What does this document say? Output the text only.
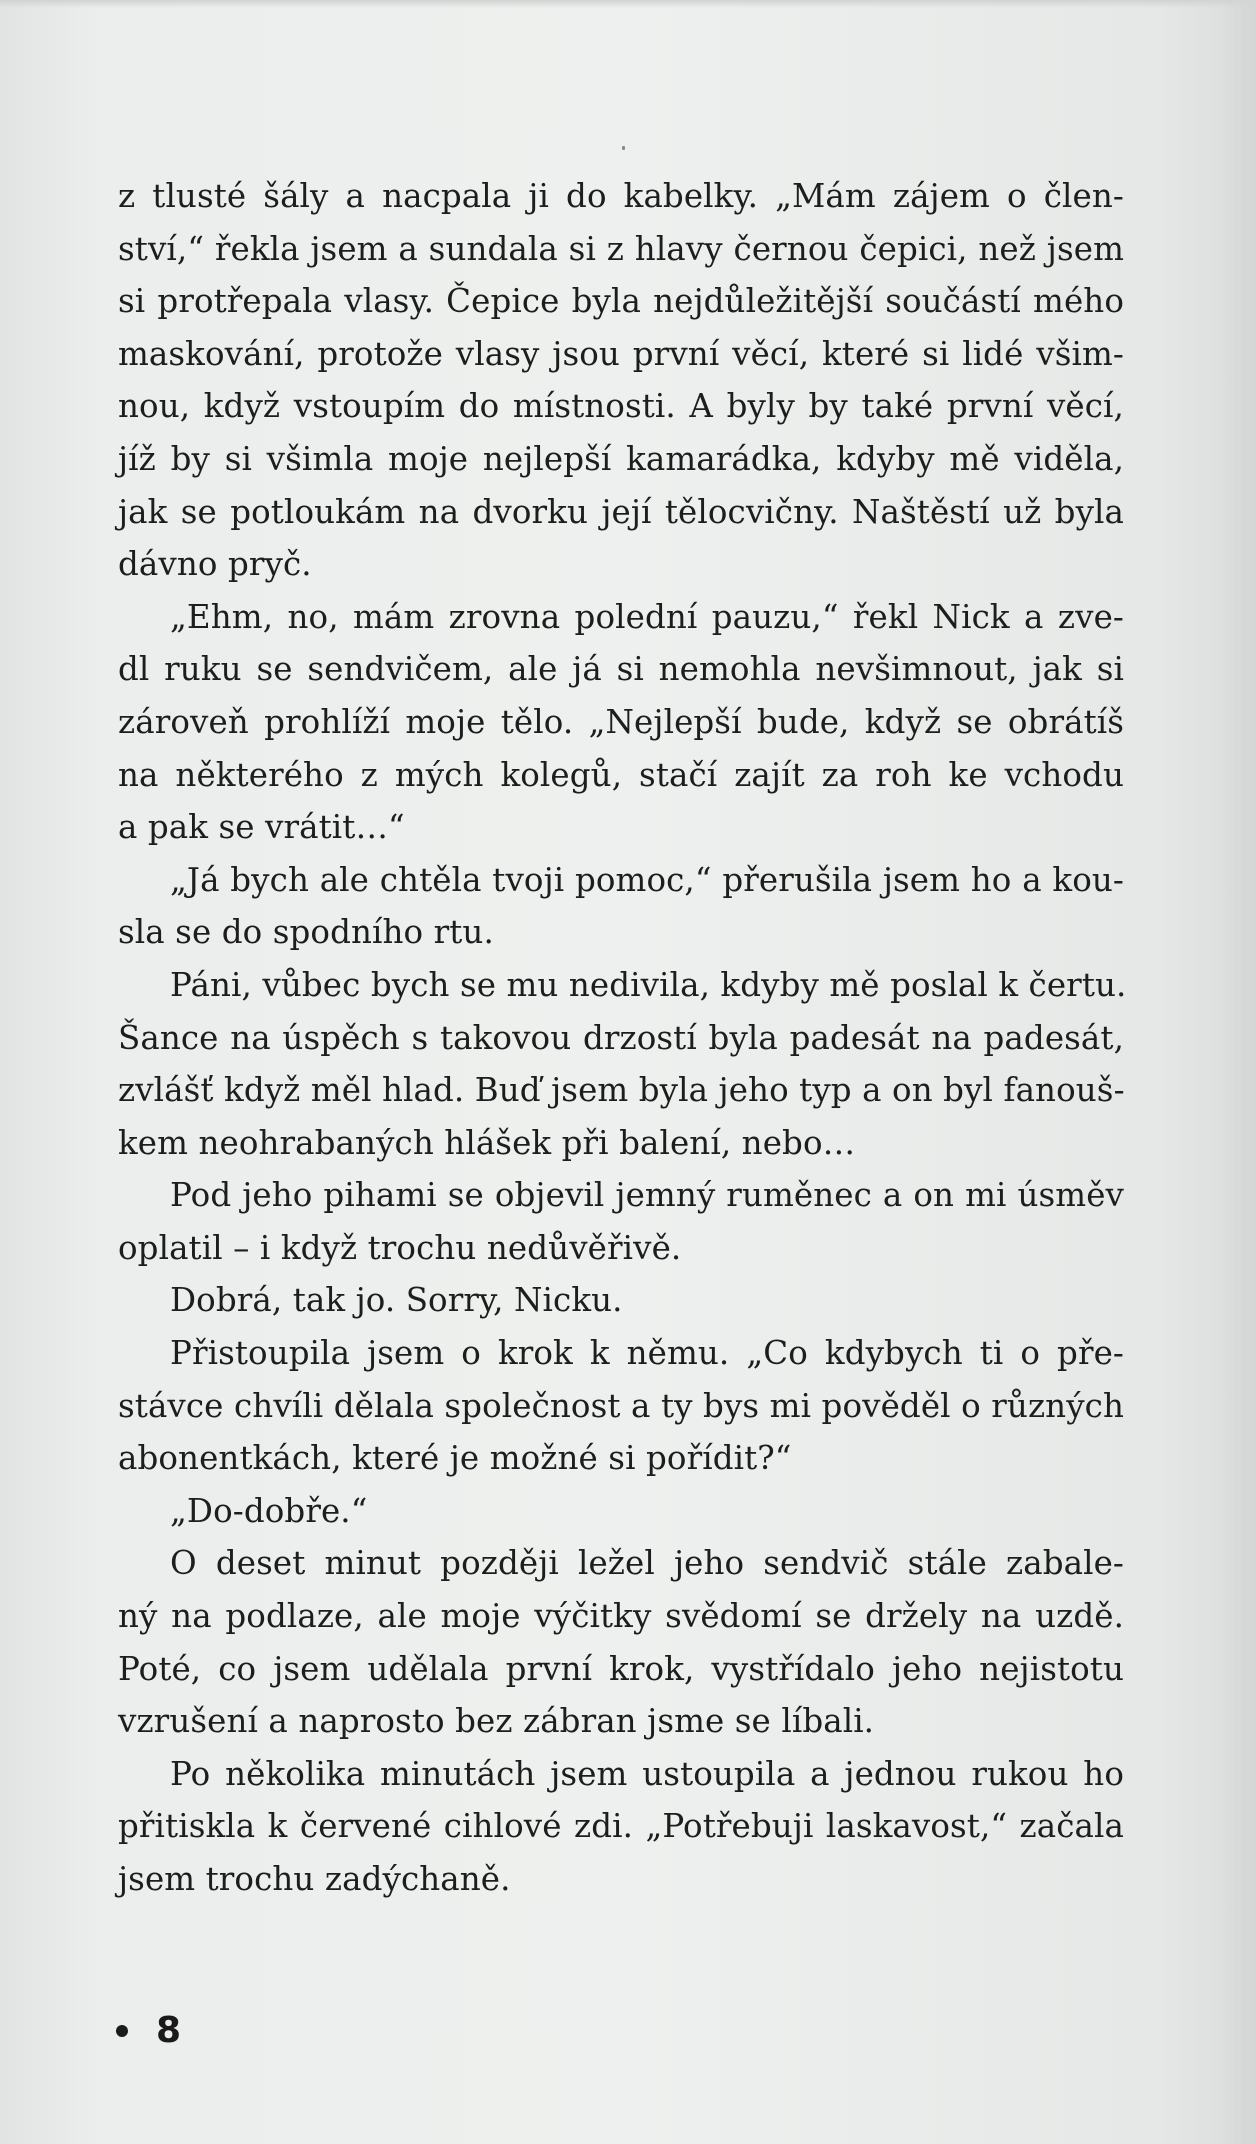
z tlusté šály a nacpala ji do kabelky. „Mám zájem o člen-
ství,“ řekla jsem a sundala si z hlavy černou čepici, než jsem
si protřepala vlasy. Čepice byla nejdůležitější součástí mého
maskování, protože vlasy jsou první věcí, které si lidé všim-
nou, když vstoupím do místnosti. A byly by také první věcí,
jíž by si všimla moje nejlepší kamarádka, kdyby mě viděla,
jak se potloukám na dvorku její tělocvičny. Naštěstí už byla
dávno pryč.
„Ehm, no, mám zrovna polední pauzu,“ řekl Nick a zve-
dl ruku se sendvičem, ale já si nemohla nevšimnout, jak si
zároveň prohlíží moje tělo. „Nejlepší bude, když se obrátíš
na některého z mých kolegů, stačí zajít za roh ke vchodu
a pak se vrátit…“
„Já bych ale chtěla tvoji pomoc,“ přerušila jsem ho a kou-
sla se do spodního rtu.
Páni, vůbec bych se mu nedivila, kdyby mě poslal k čertu.
Šance na úspěch s takovou drzostí byla padesát na padesát,
zvlášť když měl hlad. Buď jsem byla jeho typ a on byl fanouš-
kem neohrabaných hlášek při balení, nebo…
Pod jeho pihami se objevil jemný ruměnec a on mi úsměv
oplatil – i když trochu nedůvěřivě.
Dobrá, tak jo. Sorry, Nicku.
Přistoupila jsem o krok k němu. „Co kdybych ti o pře-
stávce chvíli dělala společnost a ty bys mi pověděl o různých
abonentkách, které je možné si pořídit?“
„Do-dobře.“
O deset minut později ležel jeho sendvič stále zabale-
ný na podlaze, ale moje výčitky svědomí se držely na uzdě.
Poté, co jsem udělala první krok, vystřídalo jeho nejistotu
vzrušení a naprosto bez zábran jsme se líbali.
Po několika minutách jsem ustoupila a jednou rukou ho
přitiskla k červené cihlové zdi. „Potřebuji laskavost,“ začala
jsem trochu zadýchaně.
8
